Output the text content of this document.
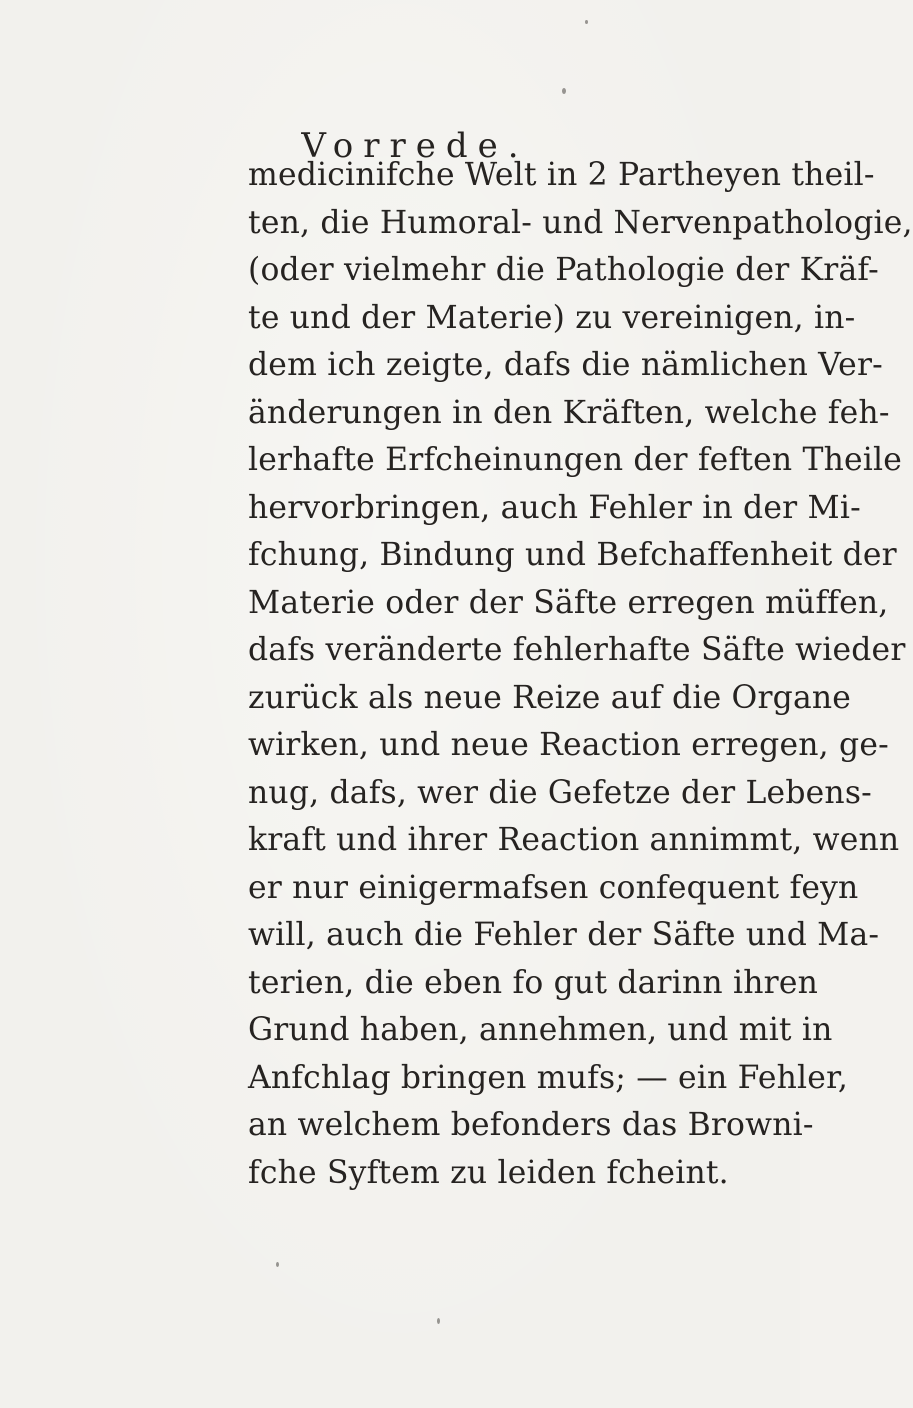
Vorrede.
medicinifche Welt in 2 Partheyen theil-
ten, die Humoral- und Nervenpathologie,
(oder vielmehr die Pathologie der Kräf-
te und der Materie) zu vereinigen, in-
dem ich zeigte, dafs die nämlichen Ver-
änderungen in den Kräften, welche feh-
lerhafte Erfcheinungen der feften Theile
hervorbringen, auch Fehler in der Mi-
fchung, Bindung und Befchaffenheit der
Materie oder der Säfte erregen müffen,
dafs veränderte fehlerhafte Säfte wieder
zurück als neue Reize auf die Organe
wirken, und neue Reaction erregen, ge-
nug, dafs, wer die Gefetze der Lebens-
kraft und ihrer Reaction annimmt, wenn
er nur einigermafsen confequent feyn
will, auch die Fehler der Säfte und Ma-
terien, die eben fo gut darinn ihren
Grund haben, annehmen, und mit in
Anfchlag bringen mufs; — ein Fehler,
an welchem befonders das Brownі-
fche Syftem zu leiden fcheint.
